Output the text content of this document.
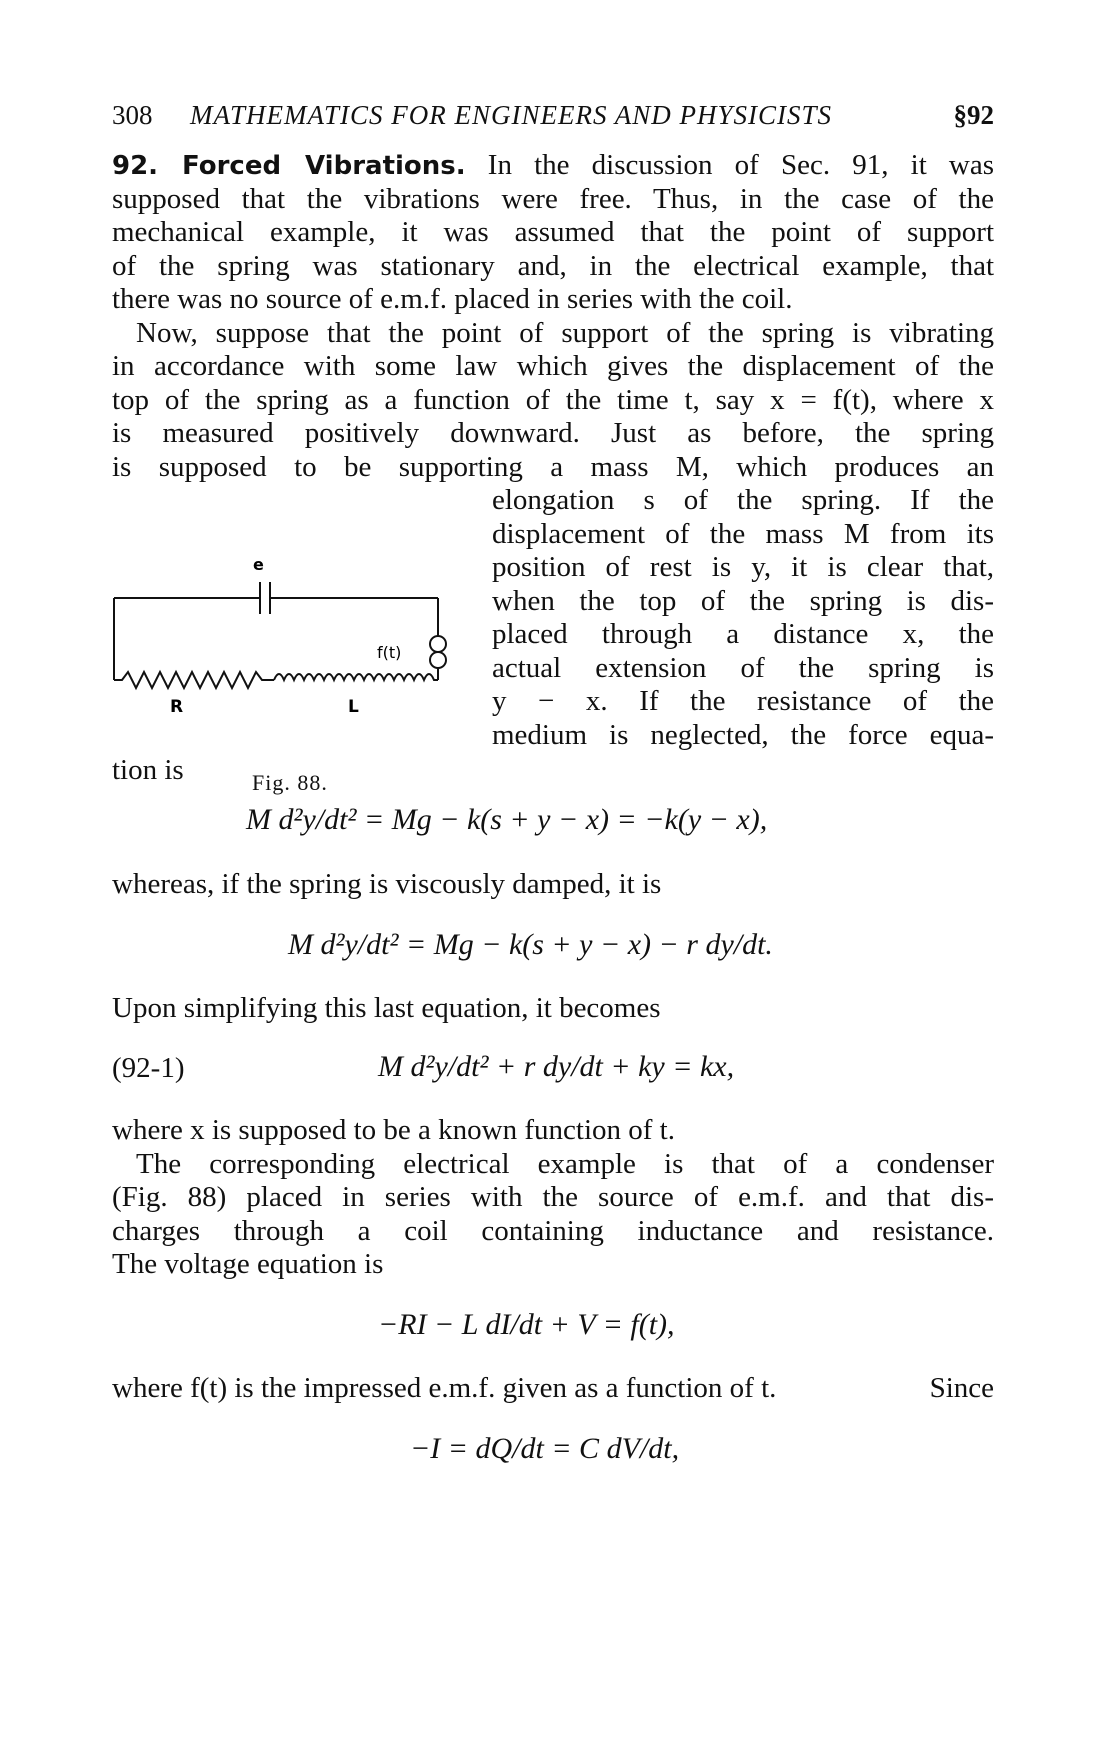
308 MATHEMATICS FOR ENGINEERS AND PHYSICISTS	§92
92. Forced Vibrations. In the discussion of Sec. 91, it was
supposed that the vibrations were free. Thus, in the case of the
mechanical example, it was assumed that the point of support
of the spring was stationary and, in the electrical example, that
there was no source of e.m.f. placed in series with the coil.
Now, suppose that the point of support of the spring is vibrating
in accordance with some law which gives the displacement of the
top of the spring as a function of the time t, say x = f(t), where x
is measured positively downward. Just as before, the spring
is supposed to be supporting a mass M, which produces an
elongation s of the spring. If the
displacement of the mass M from its
position of rest is y, it is clear that,
when the top of the spring is dis-
placed through a distance x, the
actual extension of the spring is
y − x. If the resistance of the
medium is neglected, the force equa-
tion is
e
f(t)
R	L
Fig. 88.
M d²y/dt² = Mg − k(s + y − x) = −k(y − x),
whereas, if the spring is viscously damped, it is
M d²y/dt² = Mg − k(s + y − x) − r dy/dt.
Upon simplifying this last equation, it becomes
(92-1)	M d²y/dt² + r dy/dt + ky = kx,
where x is supposed to be a known function of t.
The corresponding electrical example is that of a condenser
(Fig. 88) placed in series with the source of e.m.f. and that dis-
charges through a coil containing inductance and resistance.
The voltage equation is
−RI − L dI/dt + V = f(t),
where f(t) is the impressed e.m.f. given as a function of t.	Since
−I = dQ/dt = C dV/dt,
